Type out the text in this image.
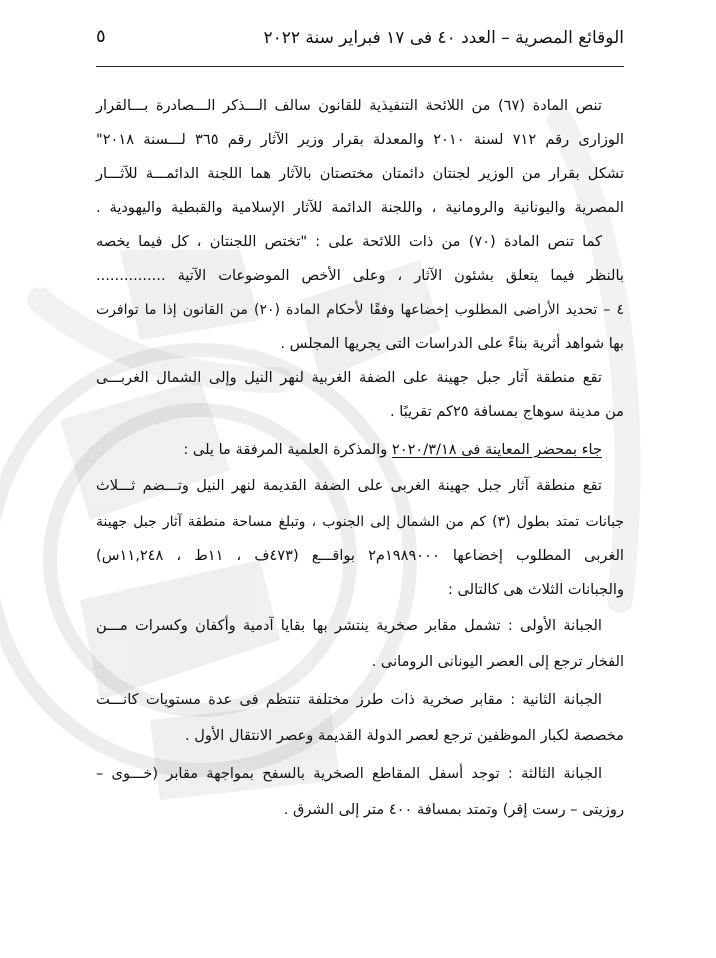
الوقائع المصرية – العدد ٤٠ فى ١٧ فبراير سنة ٢٠٢٢
٥
تنص المادة (٦٧) من اللائحة التنفيذية للقانون سالف الـــذكر الـــصادرة بـــالقرار
الوزارى رقم ٧١٢ لسنة ٢٠١٠ والمعدلة بقرار وزير الآثار رقم ٣٦٥ لـــسنة ٢٠١٨"
تشكل بقرار من الوزير لجنتان دائمتان مختصتان بالآثار هما اللجنة الدائمـــة للآثـــار
المصرية واليونانية والرومانية ، واللجنة الدائمة للآثار الإسلامية والقبطية واليهودية .
كما تنص المادة (٧٠) من ذات اللائحة على : "تختص اللجنتان ، كل فيما يخصه
بالنظر فيما يتعلق بشئون الآثار ، وعلى الأخص الموضوعات الآتية ...............
٤ – تحديد الأراضى المطلوب إخضاعها وفقًا لأحكام المادة (٢٠) من القانون إذا ما توافرت
بها شواهد أثرية بناءً على الدراسات التى يجريها المجلس .
تقع منطقة آثار جبل جهينة على الضفة الغربية لنهر النيل وإلى الشمال الغربـــى
من مدينة سوهاج بمسافة ٢٥كم تقريبًا .
جاء بمحضر المعاينة فى ٢٠٢٠/٣/١٨ والمذكرة العلمية المرفقة ما يلى :
تقع منطقة آثار جبل جهينة الغربى على الضفة القديمة لنهر النيل وتـــضم ثـــلاث
جبانات تمتد بطول (٣) كم من الشمال إلى الجنوب ، وتبلغ مساحة منطقة آثار جبل جهينة
الغربى المطلوب إخضاعها ١٩٨٩٠٠٠م٢ بواقـــع (٤٧٣ف ، ١١ط ، ١١,٢٤٨س)
والجبانات الثلاث هى كالتالى :
الجبانة الأولى : تشمل مقابر صخرية ينتشر بها بقايا آدمية وأكفان وكسرات مـــن
الفخار ترجع إلى العصر اليونانى الرومانى .
الجبانة الثانية : مقابر صخرية ذات طرز مختلفة تنتظم فى عدة مستويات كانـــت
مخصصة لكبار الموظفين ترجع لعصر الدولة القديمة وعصر الانتقال الأول .
الجبانة الثالثة : توجد أسفل المقاطع الصخرية بالسفح بمواجهة مقابر (خـــوى –
روزيتى – رست إقر) وتمتد بمسافة ٤٠٠ متر إلى الشرق .
